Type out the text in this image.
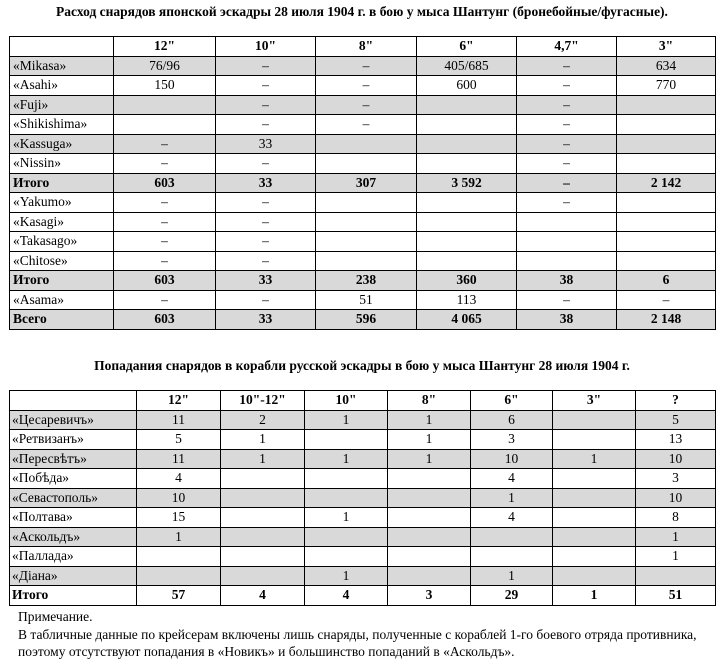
Расход снарядов японской эскадры 28 июля 1904 г. в бою у мыса Шантунг (бронебойные/фугасные).
	12"	10"	8"	6"	4,7"	3"
«Mikasa»	76/96	–	–	405/685	–	634
«Asahi»	150	–	–	600	–	770
«Fuji»		–	–		–	
«Shikishima»		–	–		–	
«Kassuga»	–	33			–	
«Nissin»	–	–			–	
Итого	603	33	307	3 592	–	2 142
«Yakumo»	–	–			–	
«Kasagi»	–	–				
«Takasago»	–	–				
«Chitose»	–	–				
Итого	603	33	238	360	38	6
«Asama»	–	–	51	113	–	–
Всего	603	33	596	4 065	38	2 148
Попадания снарядов в корабли русской эскадры в бою у мыса Шантунг 28 июля 1904 г.
	12"	10"-12"	10"	8"	6"	3"	?
«Цесаревичъ»	11	2	1	1	6		5
«Ретвизанъ»	5	1		1	3		13
«Пересвѣтъ»	11	1	1	1	10	1	10
«Побѣда»	4				4		3
«Севастополь»	10				1		10
«Полтава»	15		1		4		8
«Аскольдъ»	1						1
«Паллада»							1
«Діана»			1		1		
Итого	57	4	4	3	29	1	51
Примечание.
В табличные данные по крейсерам включены лишь снаряды, полученные с кораблей 1-го боевого отряда противника, поэтому отсутствуют попадания в «Новикъ» и большинство попаданий в «Аскольдъ».
